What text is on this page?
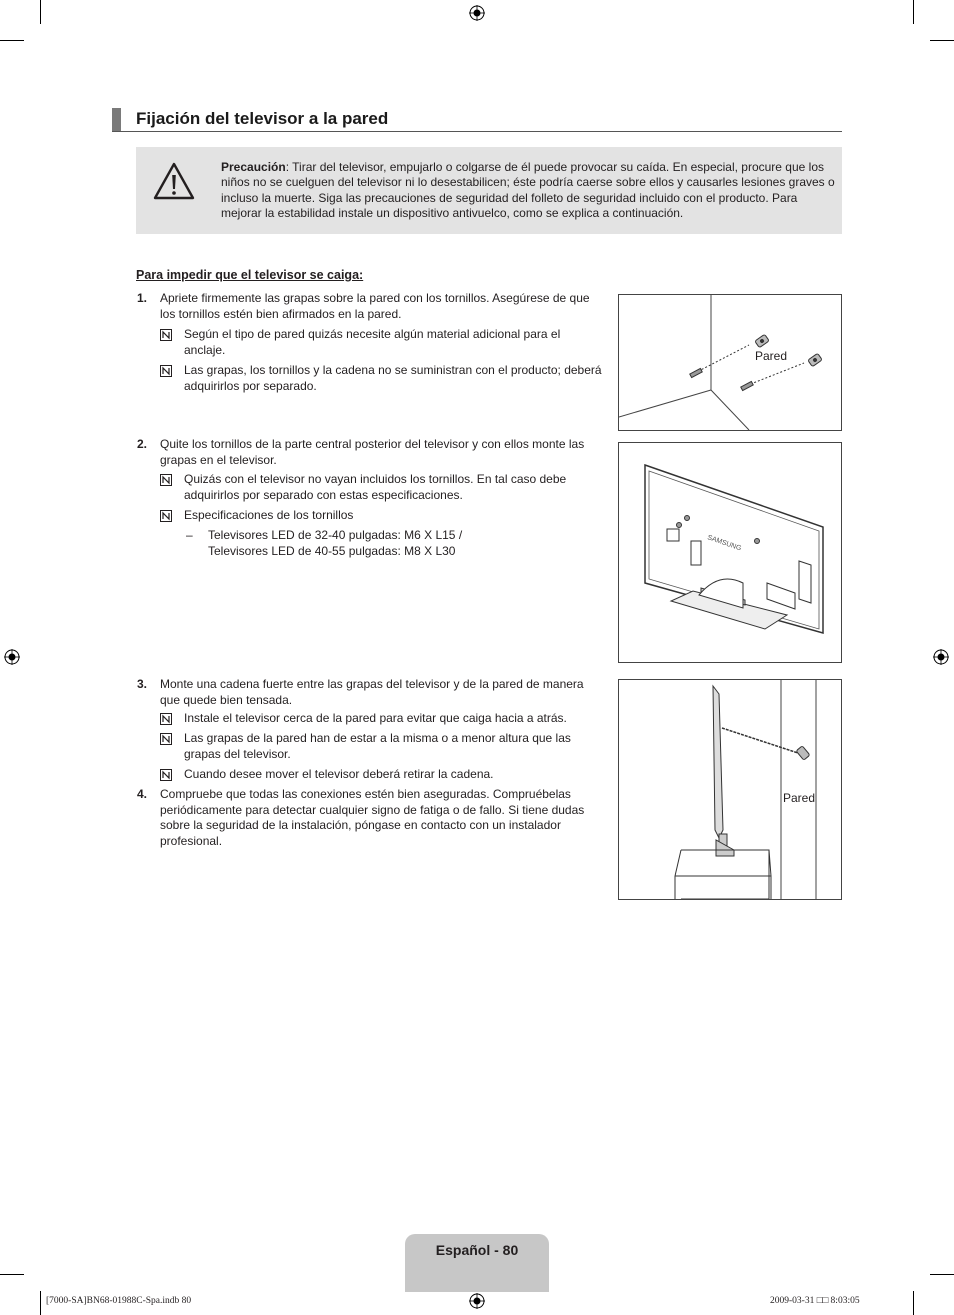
Fijación del televisor a la pared
Precaución: Tirar del televisor, empujarlo o colgarse de él puede provocar su caída. En especial, procure que los niños no se cuelguen del televisor ni lo desestabilicen; éste podría caerse sobre ellos y causarles lesiones graves o incluso la muerte. Siga las precauciones de seguridad del folleto de seguridad incluido con el producto. Para mejorar la estabilidad instale un dispositivo antivuelco, como se explica a continuación.
Para impedir que el televisor se caiga:
1. Apriete firmemente las grapas sobre la pared con los tornillos. Asegúrese de que los tornillos estén bien afirmados en la pared.
Según el tipo de pared quizás necesite algún material adicional para el anclaje.
Las grapas, los tornillos y la cadena no se suministran con el producto; deberá adquirirlos por separado.
Pared
2. Quite los tornillos de la parte central posterior del televisor y con ellos monte las grapas en el televisor.
Quizás con el televisor no vayan incluidos los tornillos. En tal caso debe adquirirlos por separado con estas especificaciones.
Especificaciones de los tornillos
– Televisores LED de 32-40 pulgadas: M6 X L15 /
Televisores LED de 40-55 pulgadas: M8 X L30	SAMSUNG
3. Monte una cadena fuerte entre las grapas del televisor y de la pared de manera que quede bien tensada.
Instale el televisor cerca de la pared para evitar que caiga hacia a atrás.
Las grapas de la pared han de estar a la misma o a menor altura que las grapas del televisor.
Cuando desee mover el televisor deberá retirar la cadena.
4. Compruebe que todas las conexiones estén bien aseguradas. Compruébelas periódicamente para detectar cualquier signo de fatiga o de fallo. Si tiene dudas sobre la seguridad de la instalación, póngase en contacto con un instalador profesional.
Pared
Español - 80
[7000-SA]BN68-01988C-Spa.indb 80	2009-03-31 □□ 8:03:05
